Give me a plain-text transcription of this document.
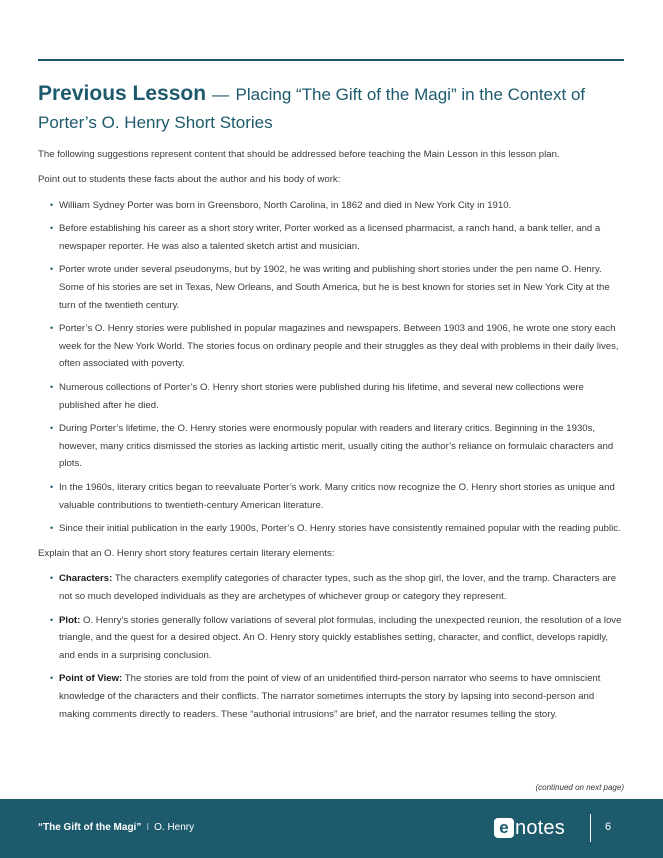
Previous Lesson — Placing “The Gift of the Magi” in the Context of Porter’s O. Henry Short Stories

The following suggestions represent content that should be addressed before teaching the Main Lesson in this lesson plan.

Point out to students these facts about the author and his body of work:

• William Sydney Porter was born in Greensboro, North Carolina, in 1862 and died in New York City in 1910.
• Before establishing his career as a short story writer, Porter worked as a licensed pharmacist, a ranch hand, a bank teller, and a newspaper reporter. He was also a talented sketch artist and musician.
• Porter wrote under several pseudonyms, but by 1902, he was writing and publishing short stories under the pen name O. Henry. Some of his stories are set in Texas, New Orleans, and South America, but he is best known for stories set in New York City at the turn of the twentieth century.
• Porter’s O. Henry stories were published in popular magazines and newspapers. Between 1903 and 1906, he wrote one story each week for the New York World. The stories focus on ordinary people and their struggles as they deal with problems in their daily lives, often associated with poverty.
• Numerous collections of Porter’s O. Henry short stories were published during his lifetime, and several new collections were published after he died.
• During Porter’s lifetime, the O. Henry stories were enormously popular with readers and literary critics. Beginning in the 1930s, however, many critics dismissed the stories as lacking artistic merit, usually citing the author’s reliance on formulaic characters and plots.
• In the 1960s, literary critics began to reevaluate Porter’s work. Many critics now recognize the O. Henry short stories as unique and valuable contributions to twentieth-century American literature.
• Since their initial publication in the early 1900s, Porter’s O. Henry stories have consistently remained popular with the reading public.

Explain that an O. Henry short story features certain literary elements:

• Characters: The characters exemplify categories of character types, such as the shop girl, the lover, and the tramp. Characters are not so much developed individuals as they are archetypes of whichever group or category they represent.
• Plot: O. Henry’s stories generally follow variations of several plot formulas, including the unexpected reunion, the resolution of a love triangle, and the quest for a desired object. An O. Henry story quickly establishes setting, character, and conflict, develops rapidly, and ends in a surprising conclusion.
• Point of View: The stories are told from the point of view of an unidentified third-person narrator who seems to have omniscient knowledge of the characters and their conflicts. The narrator sometimes interrupts the story by lapsing into second-person and making comments directly to readers. These “authorial intrusions” are brief, and the narrator resumes telling the story.
(continued on next page)
“The Gift of the Magi” I O. Henry	e notes	6
